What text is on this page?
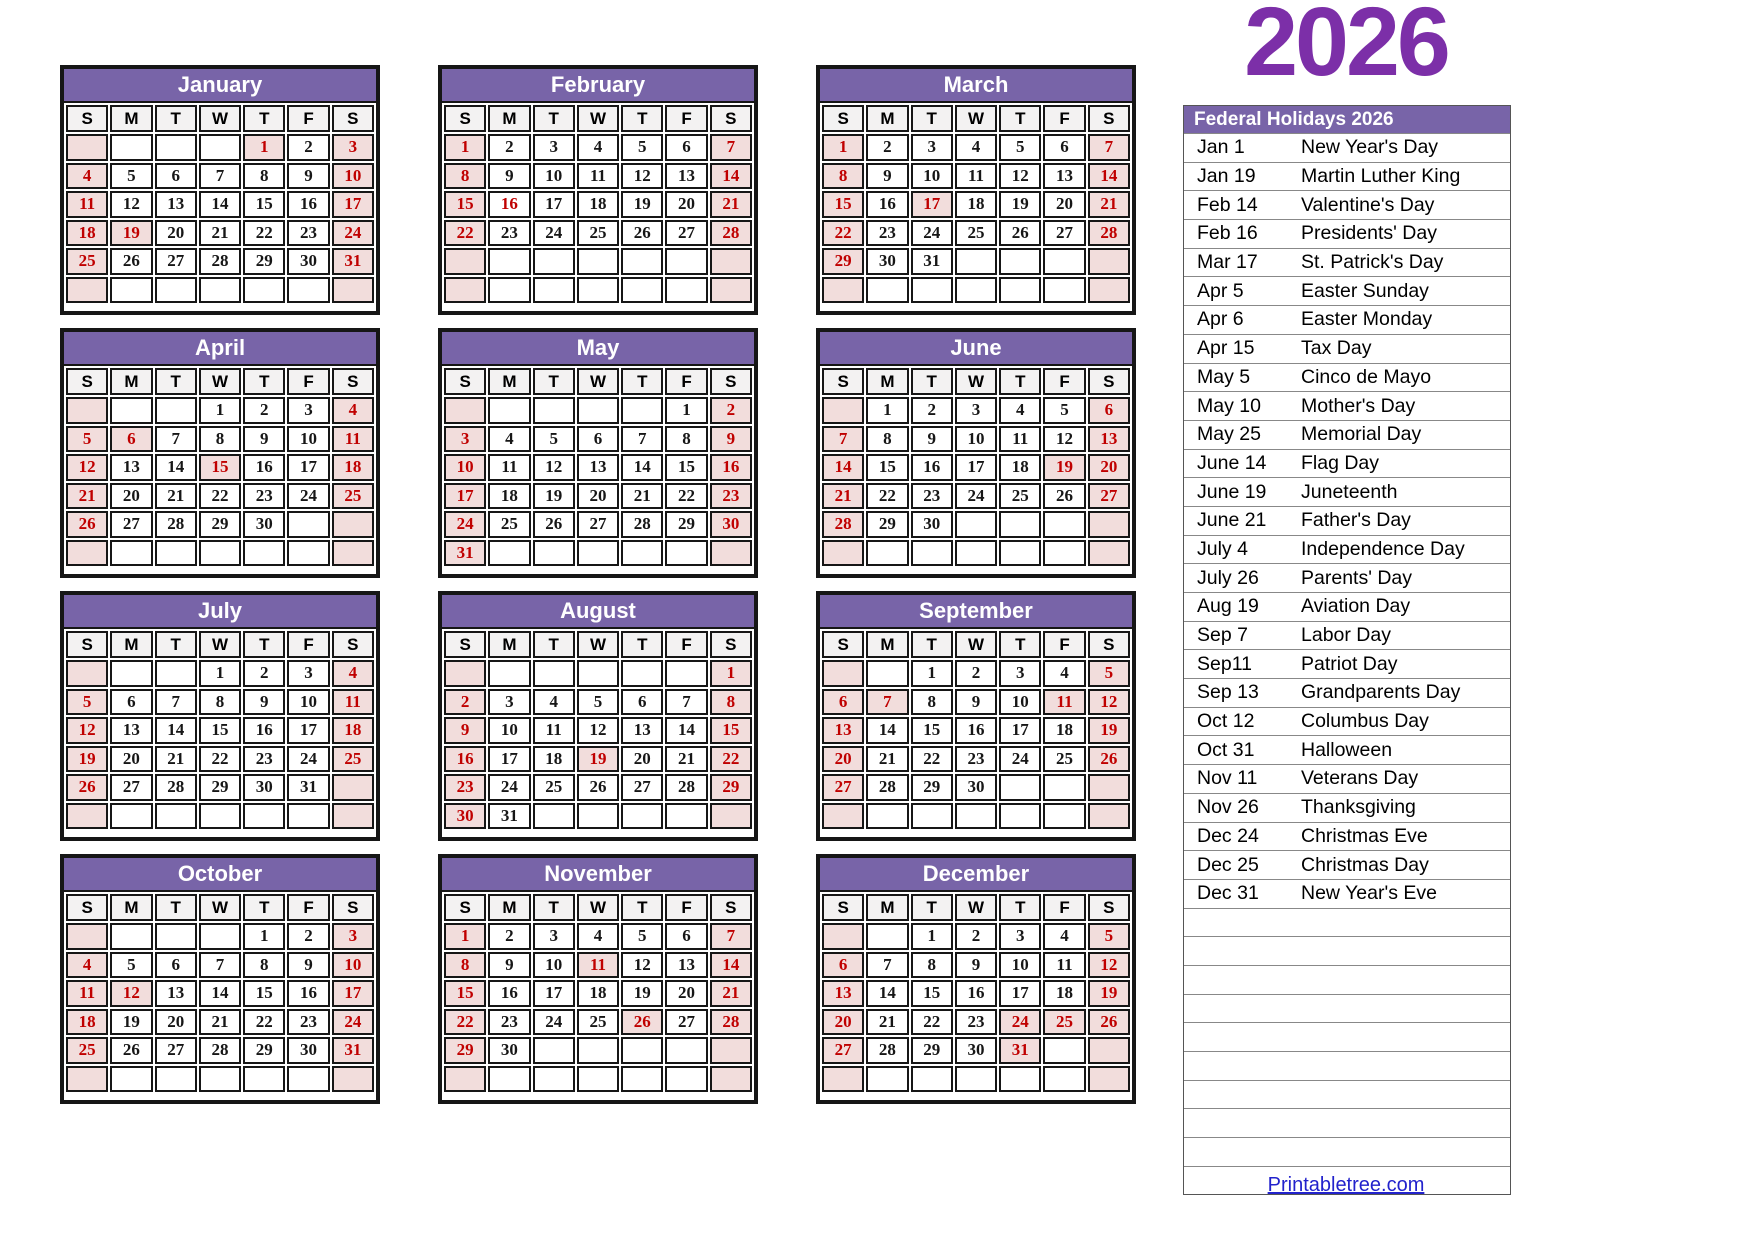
2026
January
S	M	T	W	T	F	S
				1	2	3
4	5	6	7	8	9	10
11	12	13	14	15	16	17
18	19	20	21	22	23	24
25	26	27	28	29	30	31

February
S	M	T	W	T	F	S
1	2	3	4	5	6	7
8	9	10	11	12	13	14
15	16	17	18	19	20	21
22	23	24	25	26	27	28

March
S	M	T	W	T	F	S
1	2	3	4	5	6	7
8	9	10	11	12	13	14
15	16	17	18	19	20	21
22	23	24	25	26	27	28
29	30	31				

April
S	M	T	W	T	F	S
			1	2	3	4
5	6	7	8	9	10	11
12	13	14	15	16	17	18
21	20	21	22	23	24	25
26	27	28	29	30		

May
S	M	T	W	T	F	S
					1	2
3	4	5	6	7	8	9
10	11	12	13	14	15	16
17	18	19	20	21	22	23
24	25	26	27	28	29	30
31						
June
S	M	T	W	T	F	S
	1	2	3	4	5	6
7	8	9	10	11	12	13
14	15	16	17	18	19	20
21	22	23	24	25	26	27
28	29	30				

July
S	M	T	W	T	F	S
			1	2	3	4
5	6	7	8	9	10	11
12	13	14	15	16	17	18
19	20	21	22	23	24	25
26	27	28	29	30	31	

August
S	M	T	W	T	F	S
						1
2	3	4	5	6	7	8
9	10	11	12	13	14	15
16	17	18	19	20	21	22
23	24	25	26	27	28	29
30	31					
September
S	M	T	W	T	F	S
		1	2	3	4	5
6	7	8	9	10	11	12
13	14	15	16	17	18	19
20	21	22	23	24	25	26
27	28	29	30			

October
S	M	T	W	T	F	S
				1	2	3
4	5	6	7	8	9	10
11	12	13	14	15	16	17
18	19	20	21	22	23	24
25	26	27	28	29	30	31

November
S	M	T	W	T	F	S
1	2	3	4	5	6	7
8	9	10	11	12	13	14
15	16	17	18	19	20	21
22	23	24	25	26	27	28
29	30					

December
S	M	T	W	T	F	S
		1	2	3	4	5
6	7	8	9	10	11	12
13	14	15	16	17	18	19
20	21	22	23	24	25	26
27	28	29	30	31		

Federal Holidays 2026
Jan 1	New Year's Day
Jan 19	Martin Luther King
Feb 14	Valentine's Day
Feb 16	Presidents' Day
Mar 17	St. Patrick's Day
Apr 5	Easter Sunday
Apr 6	Easter Monday
Apr 15	Tax Day
May 5	Cinco de Mayo
May 10	Mother's Day
May 25	Memorial Day
June 14	Flag Day
June 19	Juneteenth
June 21	Father's Day
July 4	Independence Day
July 26	Parents' Day
Aug 19	Aviation Day
Sep 7	Labor Day
Sep11	Patriot Day
Sep 13	Grandparents Day
Oct 12	Columbus Day
Oct 31	Halloween
Nov 11	Veterans Day
Nov 26	Thanksgiving
Dec 24	Christmas Eve
Dec 25	Christmas Day
Dec 31	New Year's Eve
Printabletree.com
